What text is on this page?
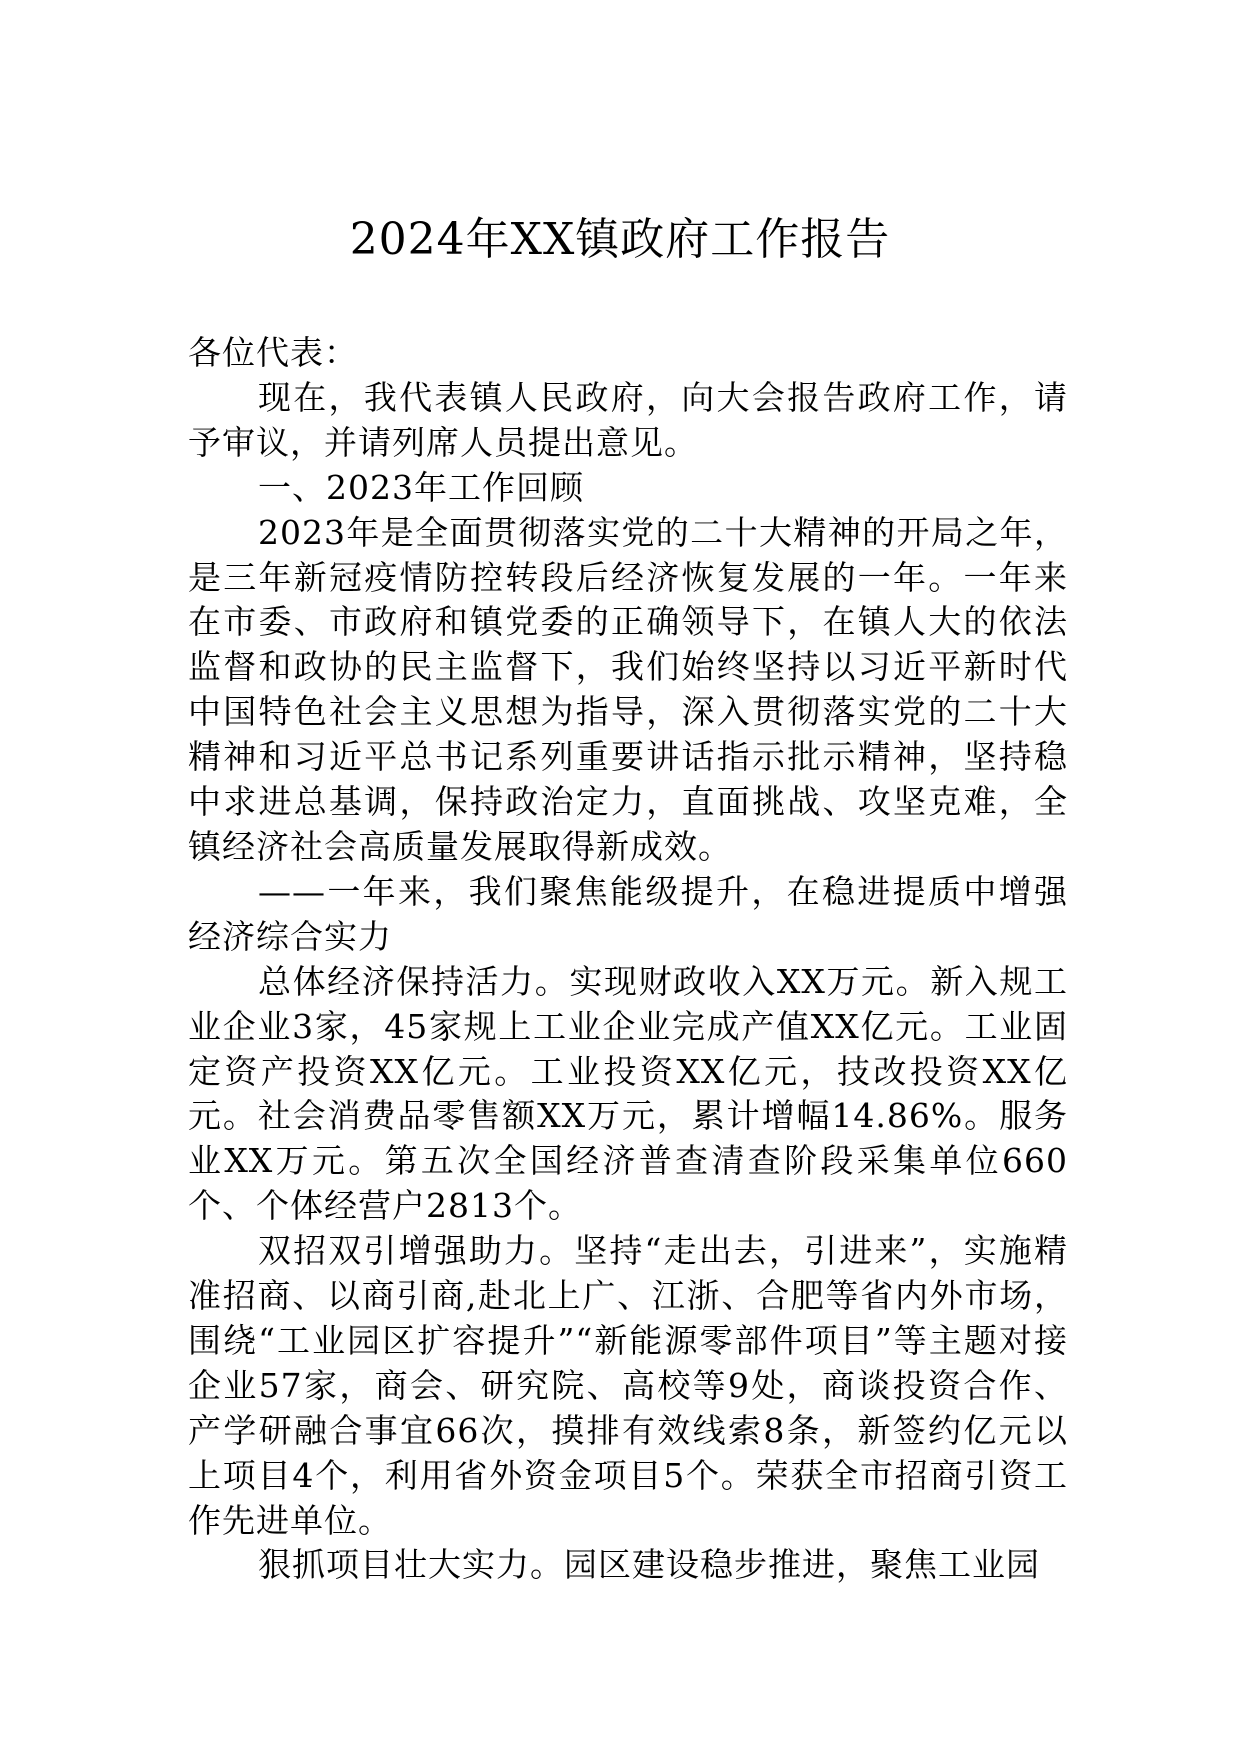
2024年XX镇政府工作报告

各位代表：

现在，我代表镇人民政府，向大会报告政府工作，请予审议，并请列席人员提出意见。

一、2023年工作回顾

2023年是全面贯彻落实党的二十大精神的开局之年，是三年新冠疫情防控转段后经济恢复发展的一年。一年来在市委、市政府和镇党委的正确领导下，在镇人大的依法监督和政协的民主监督下，我们始终坚持以习近平新时代中国特色社会主义思想为指导，深入贯彻落实党的二十大精神和习近平总书记系列重要讲话指示批示精神，坚持稳中求进总基调，保持政治定力，直面挑战、攻坚克难，全镇经济社会高质量发展取得新成效。

——一年来，我们聚焦能级提升，在稳进提质中增强经济综合实力

总体经济保持活力。实现财政收入XX万元。新入规工业企业3家，45家规上工业企业完成产值XX亿元。工业固定资产投资XX亿元。工业投资XX亿元，技改投资XX亿元。社会消费品零售额XX万元，累计增幅14.86%。服务业XX万元。第五次全国经济普查清查阶段采集单位660个、个体经营户2813个。

双招双引增强助力。坚持“走出去，引进来”，实施精准招商、以商引商,赴北上广、江浙、合肥等省内外市场，围绕“工业园区扩容提升”“新能源零部件项目”等主题对接企业57家，商会、研究院、高校等9处，商谈投资合作、产学研融合事宜66次，摸排有效线索8条，新签约亿元以上项目4个，利用省外资金项目5个。荣获全市招商引资工作先进单位。

狠抓项目壮大实力。园区建设稳步推进，聚焦工业园
